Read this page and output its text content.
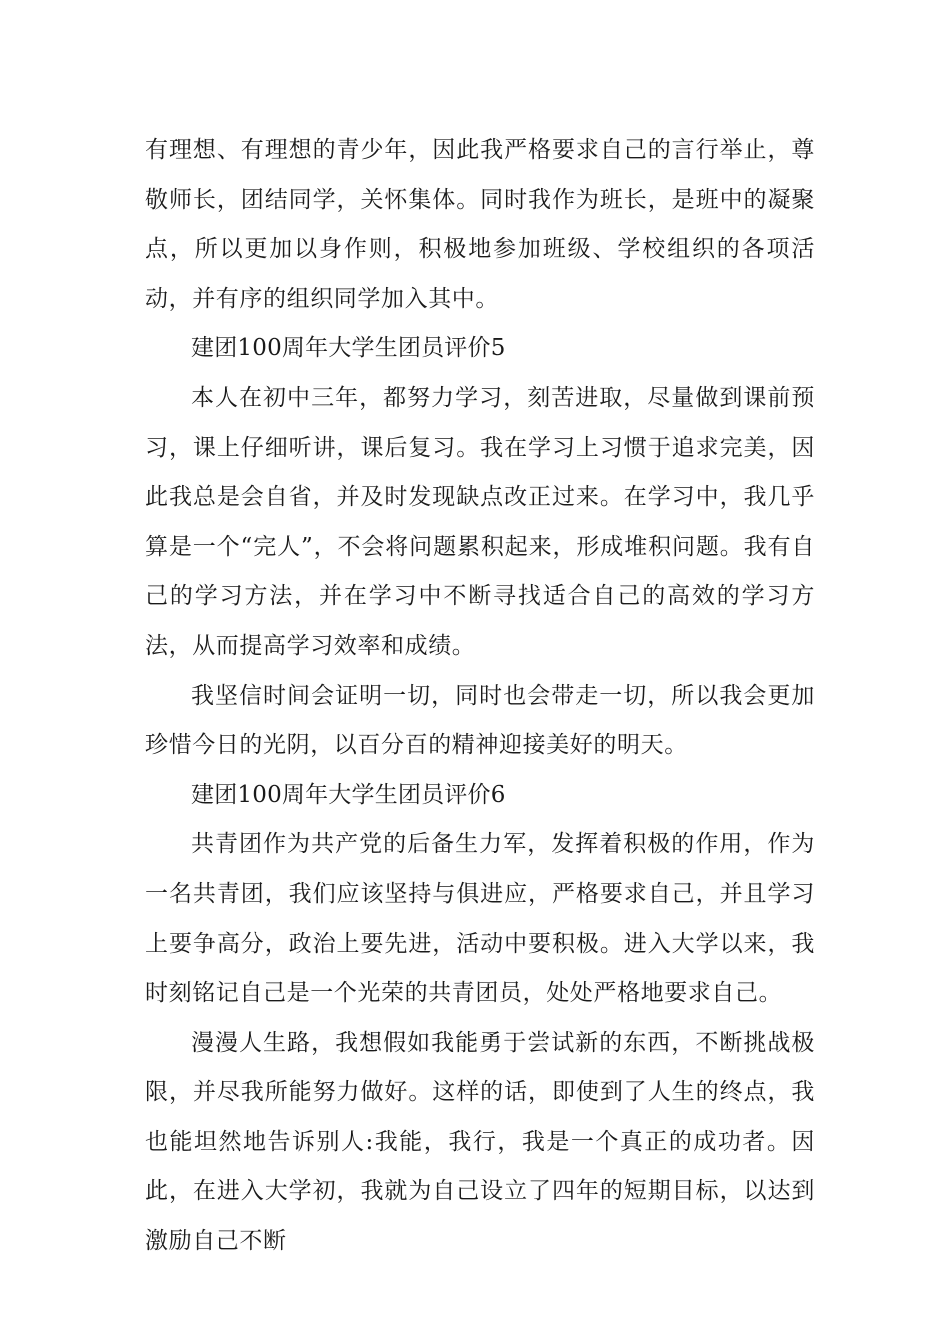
有理想、有理想的青少年，因此我严格要求自己的言行举止，尊敬师长，团结同学，关怀集体。同时我作为班长，是班中的凝聚点，所以更加以身作则，积极地参加班级、学校组织的各项活动，并有序的组织同学加入其中。

建团100周年大学生团员评价5

本人在初中三年，都努力学习，刻苦进取，尽量做到课前预习，课上仔细听讲，课后复习。我在学习上习惯于追求完美，因此我总是会自省，并及时发现缺点改正过来。在学习中，我几乎算是一个“完人”，不会将问题累积起来，形成堆积问题。我有自己的学习方法，并在学习中不断寻找适合自己的高效的学习方法，从而提高学习效率和成绩。

我坚信时间会证明一切，同时也会带走一切，所以我会更加珍惜今日的光阴，以百分百的精神迎接美好的明天。

建团100周年大学生团员评价6

共青团作为共产党的后备生力军，发挥着积极的作用，作为一名共青团，我们应该坚持与俱进应，严格要求自己，并且学习上要争高分，政治上要先进，活动中要积极。进入大学以来，我时刻铭记自己是一个光荣的共青团员，处处严格地要求自己。

漫漫人生路，我想假如我能勇于尝试新的东西，不断挑战极限，并尽我所能努力做好。这样的话，即使到了人生的终点，我也能坦然地告诉别人:我能，我行，我是一个真正的成功者。因此，在进入大学初，我就为自己设立了四年的短期目标，以达到激励自己不断
